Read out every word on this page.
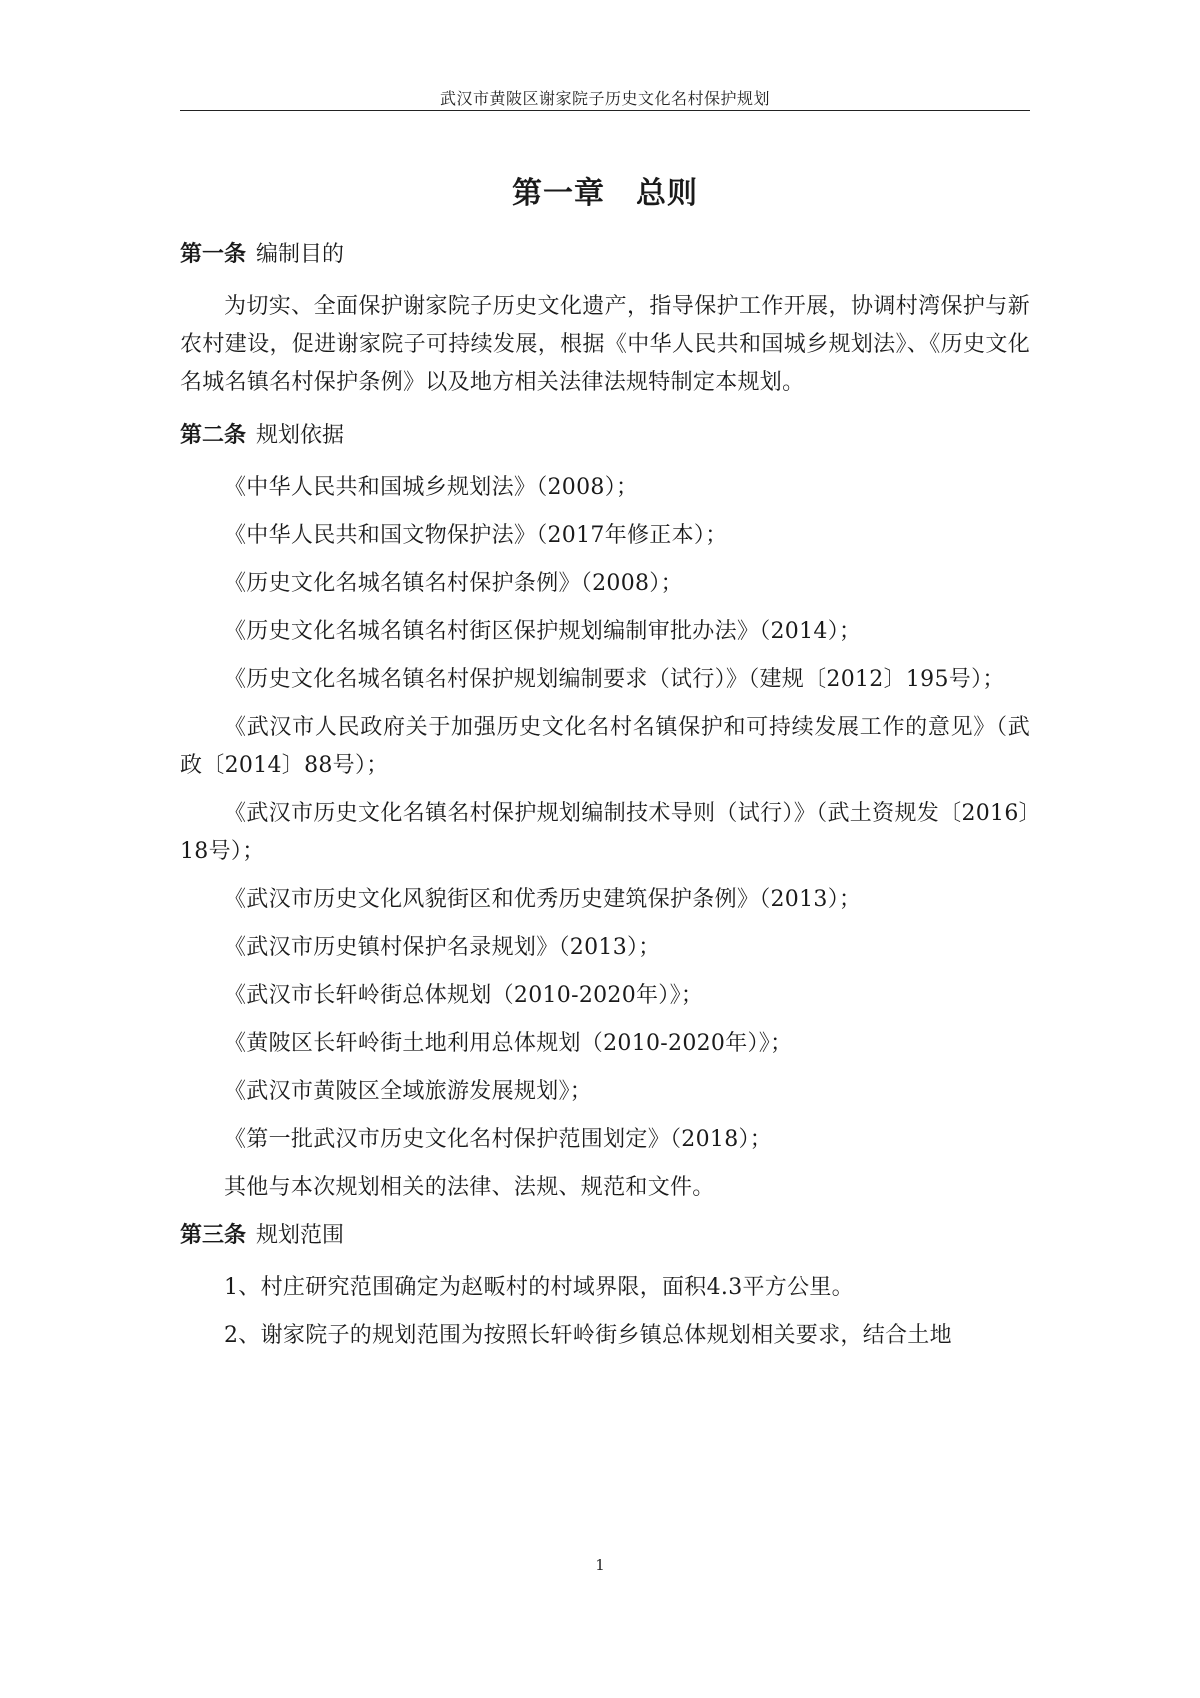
武汉市黄陂区谢家院子历史文化名村保护规划
第一章　总则
第一条 编制目的

为切实、全面保护谢家院子历史文化遗产，指导保护工作开展，协调村湾保护与新农村建设，促进谢家院子可持续发展，根据《中华人民共和国城乡规划法》、《历史文化名城名镇名村保护条例》以及地方相关法律法规特制定本规划。

第二条 规划依据

《中华人民共和国城乡规划法》（2008）；

《中华人民共和国文物保护法》（2017年修正本）；

《历史文化名城名镇名村保护条例》（2008）；

《历史文化名城名镇名村街区保护规划编制审批办法》（2014）；

《历史文化名城名镇名村保护规划编制要求（试行）》（建规〔2012〕195号）；

《武汉市人民政府关于加强历史文化名村名镇保护和可持续发展工作的意见》（武政〔2014〕88号）；

《武汉市历史文化名镇名村保护规划编制技术导则（试行）》（武土资规发〔2016〕18号）；

《武汉市历史文化风貌街区和优秀历史建筑保护条例》（2013）；

《武汉市历史镇村保护名录规划》（2013）；

《武汉市长轩岭街总体规划（2010-2020年）》；

《黄陂区长轩岭街土地利用总体规划（2010-2020年）》；

《武汉市黄陂区全域旅游发展规划》；

《第一批武汉市历史文化名村保护范围划定》（2018）；

其他与本次规划相关的法律、法规、规范和文件。

第三条 规划范围

1、村庄研究范围确定为赵畈村的村域界限，面积4.3平方公里。

2、谢家院子的规划范围为按照长轩岭街乡镇总体规划相关要求，结合土地

1
